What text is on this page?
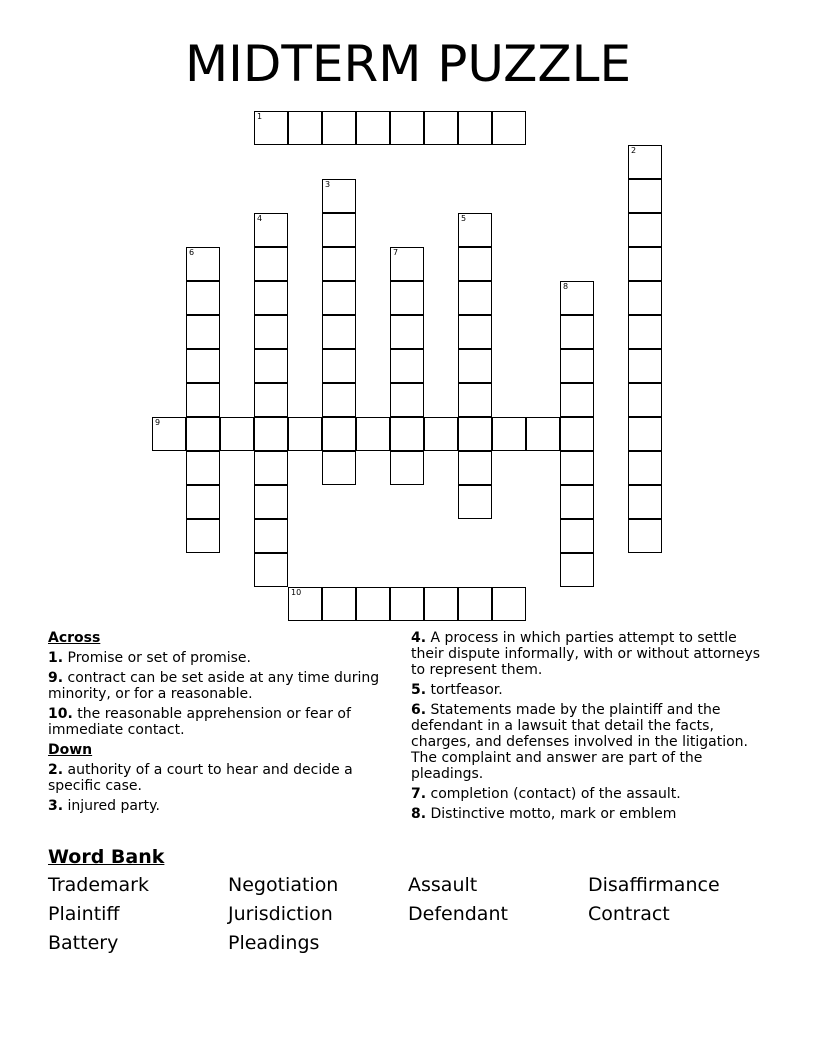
MIDTERM PUZZLE
1
2
3
4	5
6	7
8
9
10
Across
1. Promise or set of promise.
9. contract can be set aside at any time during minority, or for a reasonable.
10. the reasonable apprehension or fear of immediate contact.
Down
2. authority of a court to hear and decide a specific case.
3. injured party.
4. A process in which parties attempt to settle their dispute informally, with or without attorneys to represent them.
5. tortfeasor.
6. Statements made by the plaintiff and the defendant in a lawsuit that detail the facts, charges, and defenses involved in the litigation. The complaint and answer are part of the pleadings.
7. completion (contact) of the assault.
8. Distinctive motto, mark or emblem
Word Bank
Trademark	Negotiation	Assault	Disaffirmance
Plaintiff	Jurisdiction	Defendant	Contract
Battery	Pleadings
